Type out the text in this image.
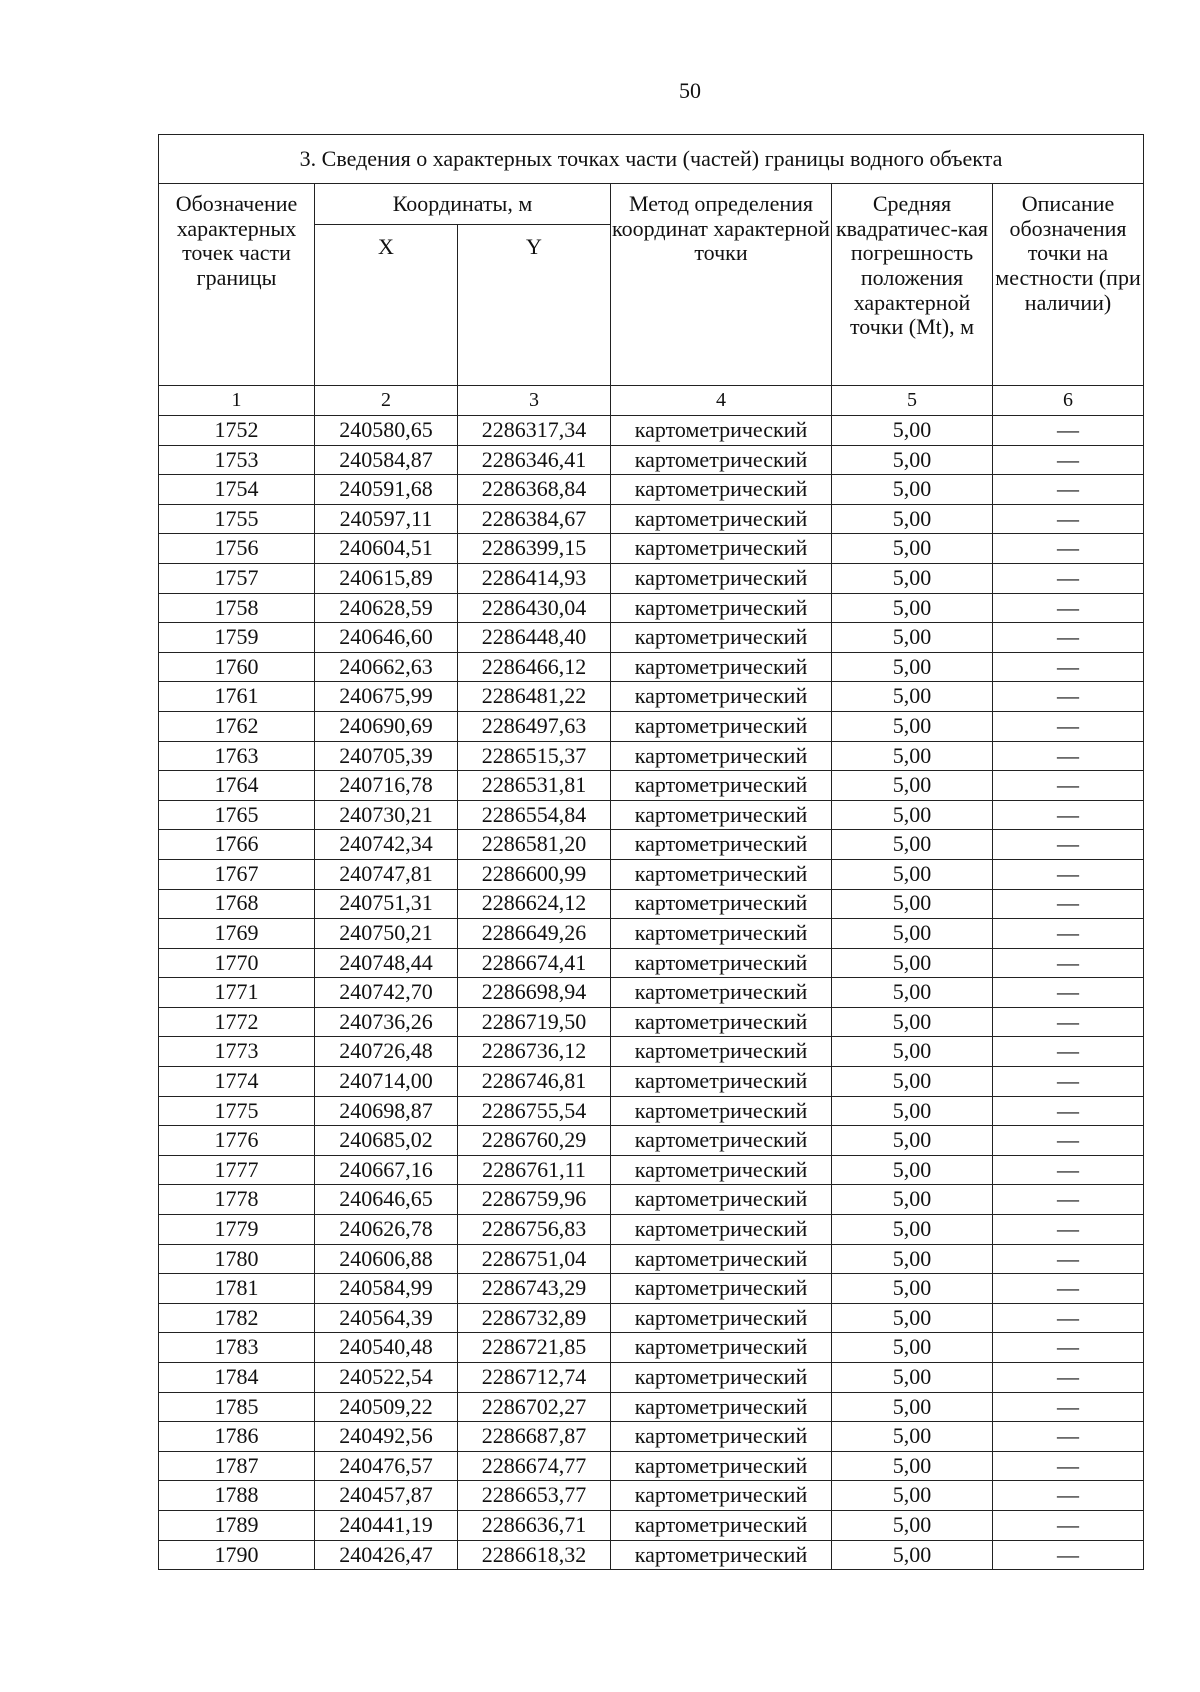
50
3. Сведения о характерных точках части (частей) границы водного объекта					
Обозначение характерных точек части границы	Координаты, м		Метод определения координат характерной точки	Средняя квадратичес-кая погрешность положения характерной точки (Mt), м	Описание обозначения точки на местности (при наличии)
	X	Y			
1	2	3	4	5	6
1752	240580,65	2286317,34	картометрический	5,00	—
1753	240584,87	2286346,41	картометрический	5,00	—
1754	240591,68	2286368,84	картометрический	5,00	—
1755	240597,11	2286384,67	картометрический	5,00	—
1756	240604,51	2286399,15	картометрический	5,00	—
1757	240615,89	2286414,93	картометрический	5,00	—
1758	240628,59	2286430,04	картометрический	5,00	—
1759	240646,60	2286448,40	картометрический	5,00	—
1760	240662,63	2286466,12	картометрический	5,00	—
1761	240675,99	2286481,22	картометрический	5,00	—
1762	240690,69	2286497,63	картометрический	5,00	—
1763	240705,39	2286515,37	картометрический	5,00	—
1764	240716,78	2286531,81	картометрический	5,00	—
1765	240730,21	2286554,84	картометрический	5,00	—
1766	240742,34	2286581,20	картометрический	5,00	—
1767	240747,81	2286600,99	картометрический	5,00	—
1768	240751,31	2286624,12	картометрический	5,00	—
1769	240750,21	2286649,26	картометрический	5,00	—
1770	240748,44	2286674,41	картометрический	5,00	—
1771	240742,70	2286698,94	картометрический	5,00	—
1772	240736,26	2286719,50	картометрический	5,00	—
1773	240726,48	2286736,12	картометрический	5,00	—
1774	240714,00	2286746,81	картометрический	5,00	—
1775	240698,87	2286755,54	картометрический	5,00	—
1776	240685,02	2286760,29	картометрический	5,00	—
1777	240667,16	2286761,11	картометрический	5,00	—
1778	240646,65	2286759,96	картометрический	5,00	—
1779	240626,78	2286756,83	картометрический	5,00	—
1780	240606,88	2286751,04	картометрический	5,00	—
1781	240584,99	2286743,29	картометрический	5,00	—
1782	240564,39	2286732,89	картометрический	5,00	—
1783	240540,48	2286721,85	картометрический	5,00	—
1784	240522,54	2286712,74	картометрический	5,00	—
1785	240509,22	2286702,27	картометрический	5,00	—
1786	240492,56	2286687,87	картометрический	5,00	—
1787	240476,57	2286674,77	картометрический	5,00	—
1788	240457,87	2286653,77	картометрический	5,00	—
1789	240441,19	2286636,71	картометрический	5,00	—
1790	240426,47	2286618,32	картометрический	5,00	—
